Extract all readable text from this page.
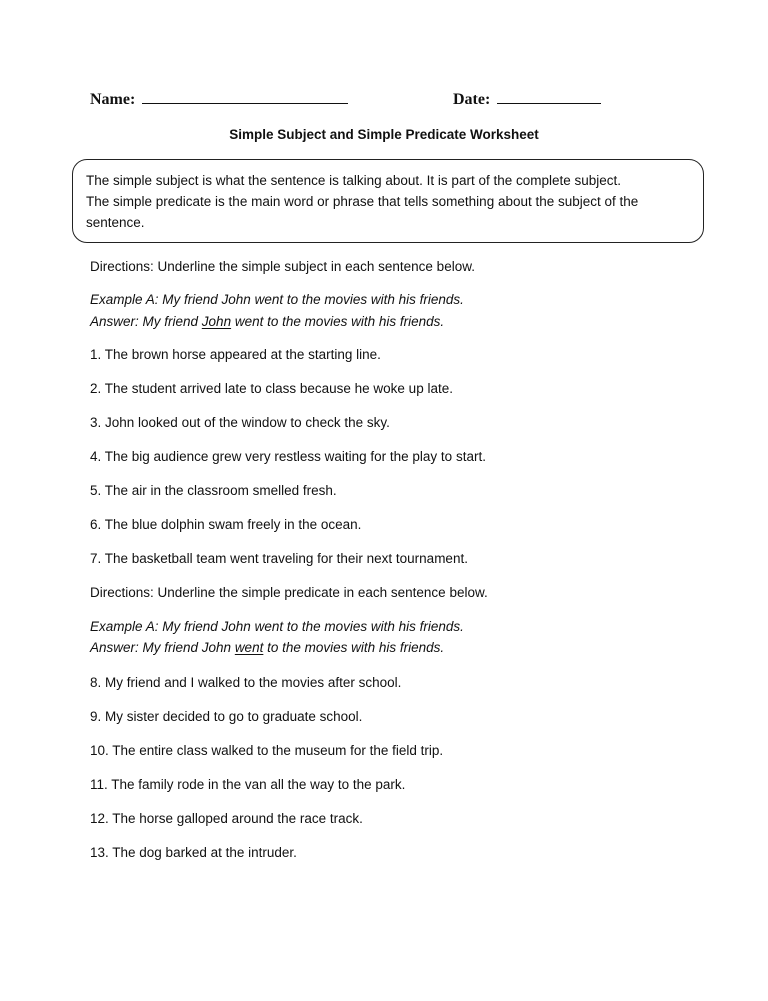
Name:	Date:
Simple Subject and Simple Predicate Worksheet

The simple subject is what the sentence is talking about. It is part of the complete subject.

The simple predicate is the main word or phrase that tells something about the subject of the

sentence.

Directions: Underline the simple subject in each sentence below.
Example A: My friend John went to the movies with his friends.
Answer: My friend John went to the movies with his friends.
1. The brown horse appeared at the starting line.
2. The student arrived late to class because he woke up late.
3. John looked out of the window to check the sky.
4. The big audience grew very restless waiting for the play to start.
5. The air in the classroom smelled fresh.
6. The blue dolphin swam freely in the ocean.
7. The basketball team went traveling for their next tournament.
Directions: Underline the simple predicate in each sentence below.
Example A: My friend John went to the movies with his friends.
Answer: My friend John went to the movies with his friends.
8. My friend and I walked to the movies after school.
9. My sister decided to go to graduate school.
10. The entire class walked to the museum for the field trip.
11. The family rode in the van all the way to the park.
12. The horse galloped around the race track.
13. The dog barked at the intruder.
